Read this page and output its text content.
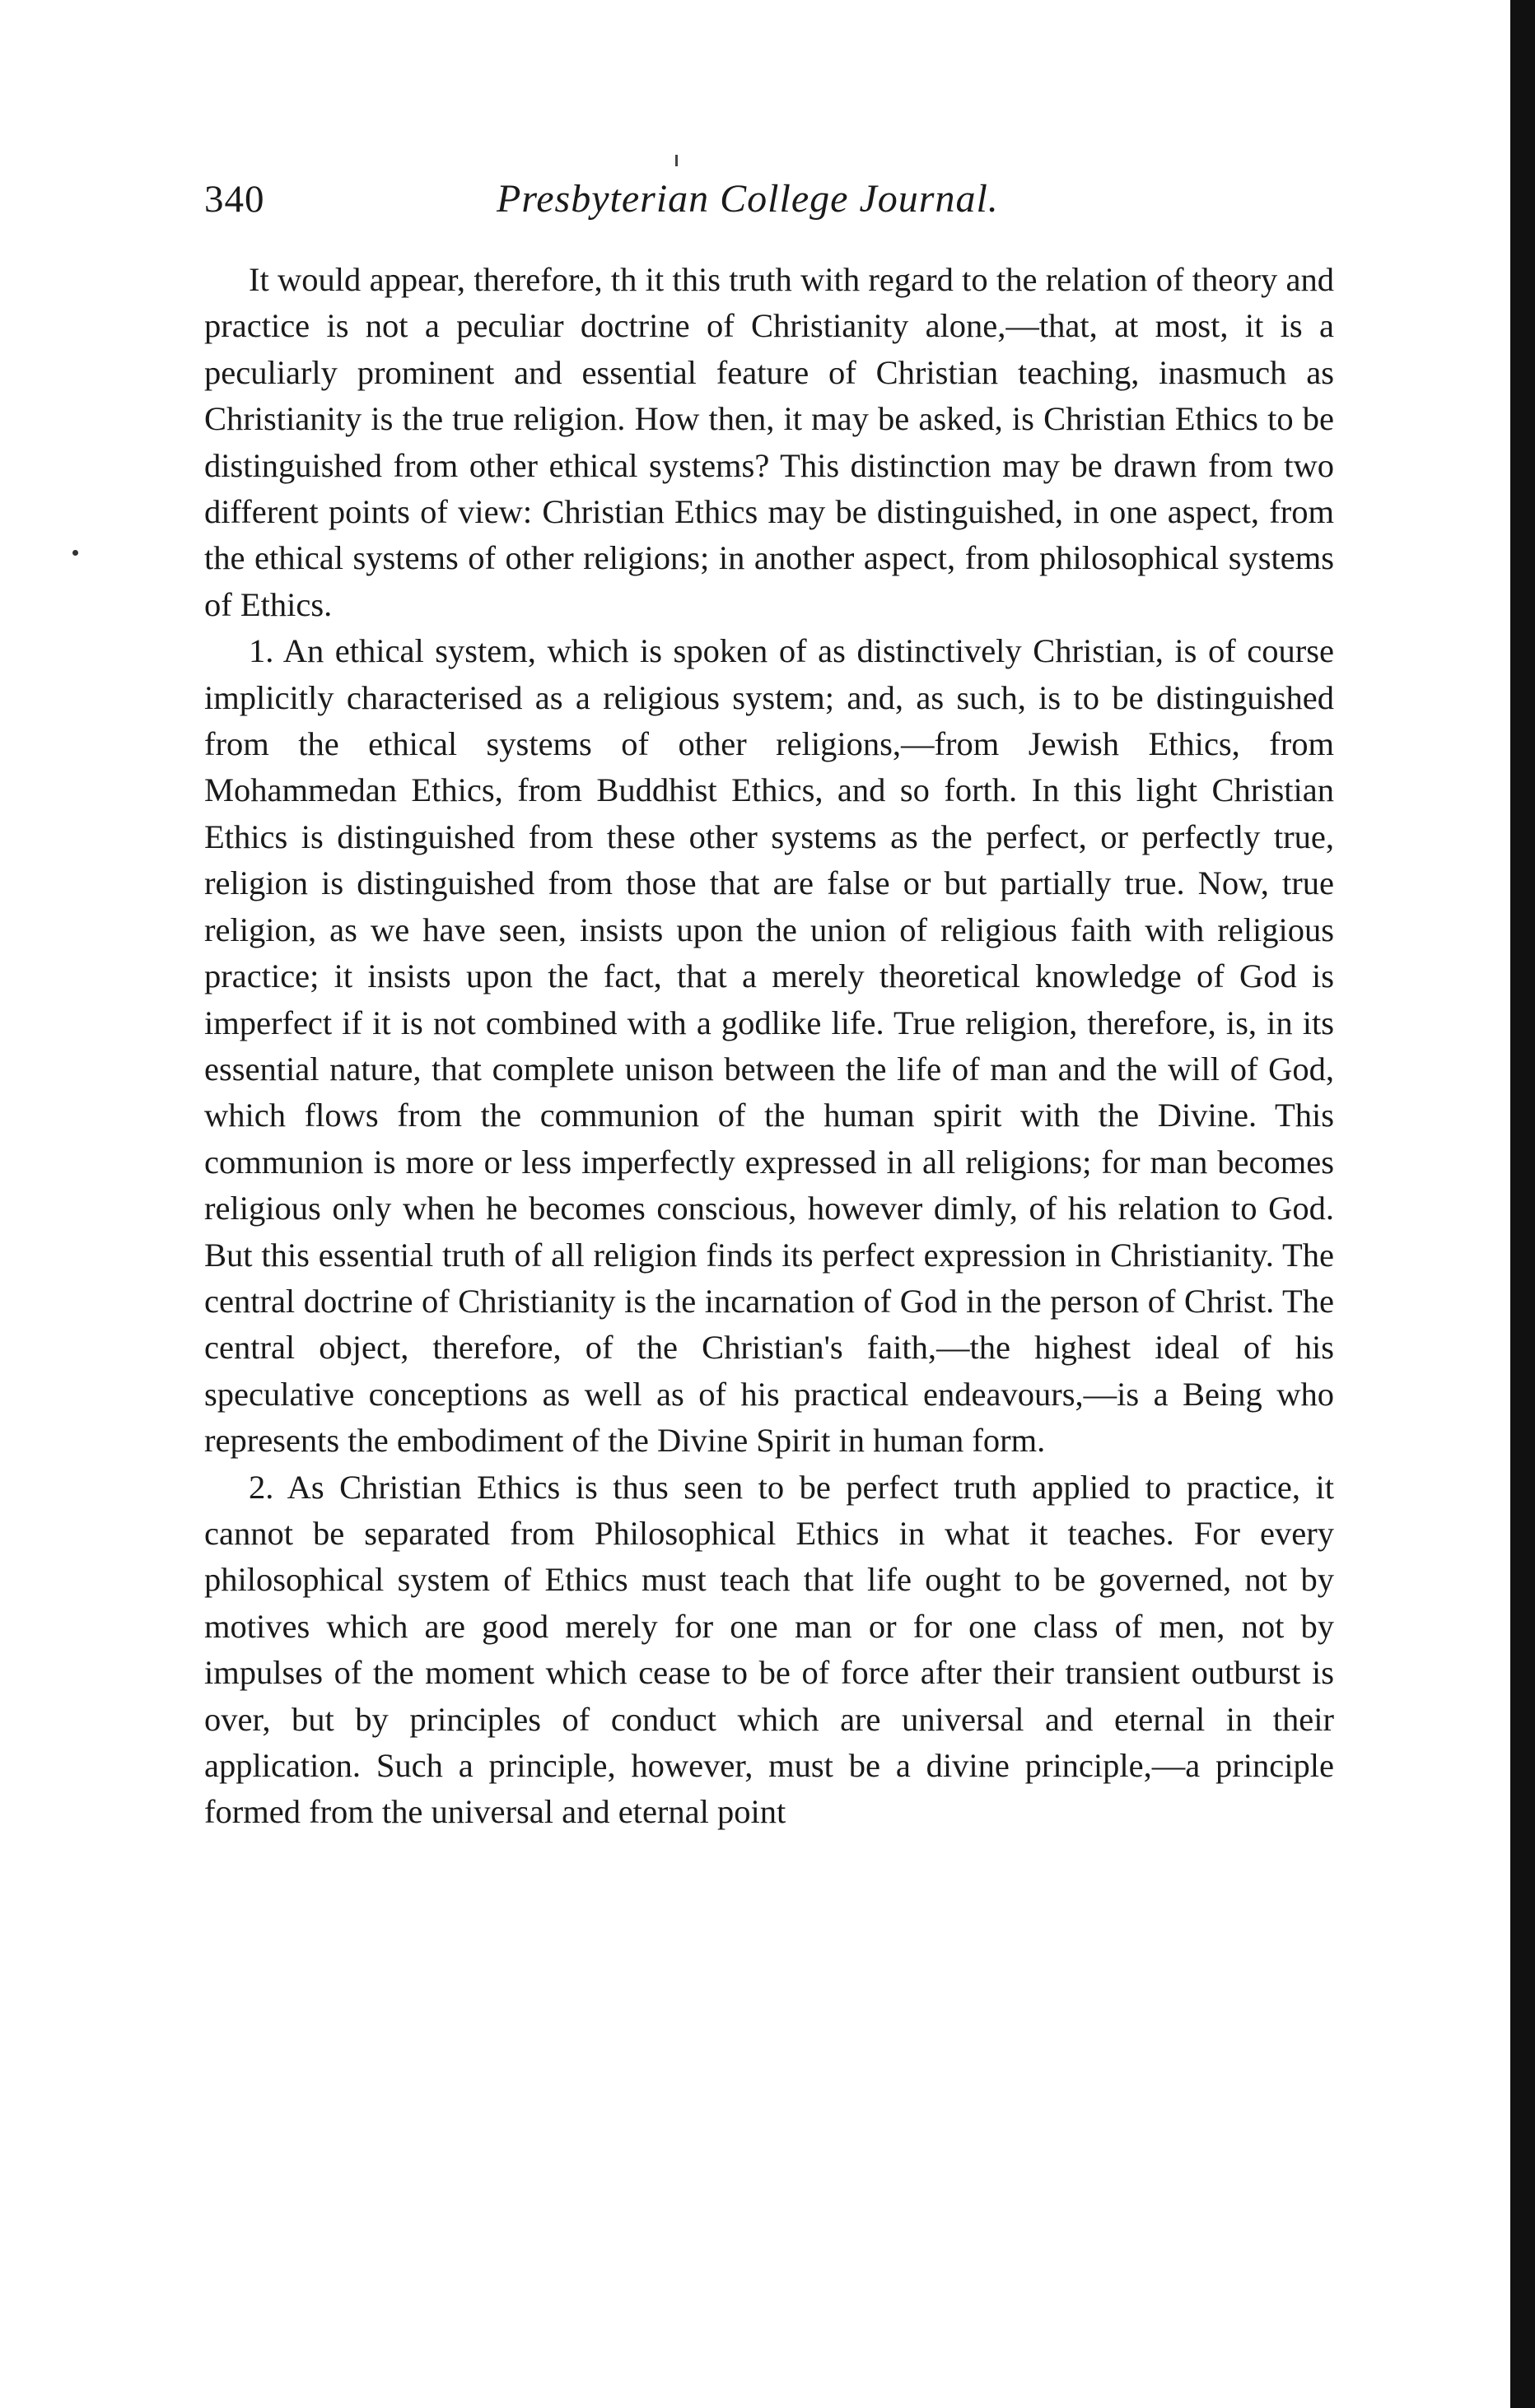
340	Presbyterian College Journal.

It would appear, therefore, th it this truth with regard to the relation of theory and practice is not a peculiar doctrine of Christianity alone,—that, at most, it is a peculiarly prominent and essential feature of Christian teaching, inasmuch as Christianity is the true religion. How then, it may be asked, is Christian Ethics to be distinguished from other ethical systems? This distinction may be drawn from two different points of view: Christian Ethics may be distinguished, in one aspect, from the ethical systems of other religions; in another aspect, from philosophical systems of Ethics.

1. An ethical system, which is spoken of as distinctively Christian, is of course implicitly characterised as a religious system; and, as such, is to be distinguished from the ethical systems of other religions,—from Jewish Ethics, from Mohammedan Ethics, from Buddhist Ethics, and so forth. In this light Christian Ethics is distinguished from these other systems as the perfect, or perfectly true, religion is distinguished from those that are false or but partially true. Now, true religion, as we have seen, insists upon the union of religious faith with religious practice; it insists upon the fact, that a merely theoretical knowledge of God is imperfect if it is not combined with a godlike life. True religion, therefore, is, in its essential nature, that complete unison between the life of man and the will of God, which flows from the communion of the human spirit with the Divine. This communion is more or less imperfectly expressed in all religions; for man becomes religious only when he becomes conscious, however dimly, of his relation to God. But this essential truth of all religion finds its perfect expression in Christianity. The central doctrine of Christianity is the incarnation of God in the person of Christ. The central object, therefore, of the Christian's faith,—the highest ideal of his speculative conceptions as well as of his practical endeavours,—is a Being who represents the embodiment of the Divine Spirit in human form.

2. As Christian Ethics is thus seen to be perfect truth applied to practice, it cannot be separated from Philosophical Ethics in what it teaches. For every philosophical system of Ethics must teach that life ought to be governed, not by motives which are good merely for one man or for one class of men, not by impulses of the moment which cease to be of force after their transient outburst is over, but by principles of conduct which are universal and eternal in their application. Such a principle, however, must be a divine principle,—a principle formed from the universal and eternal point
